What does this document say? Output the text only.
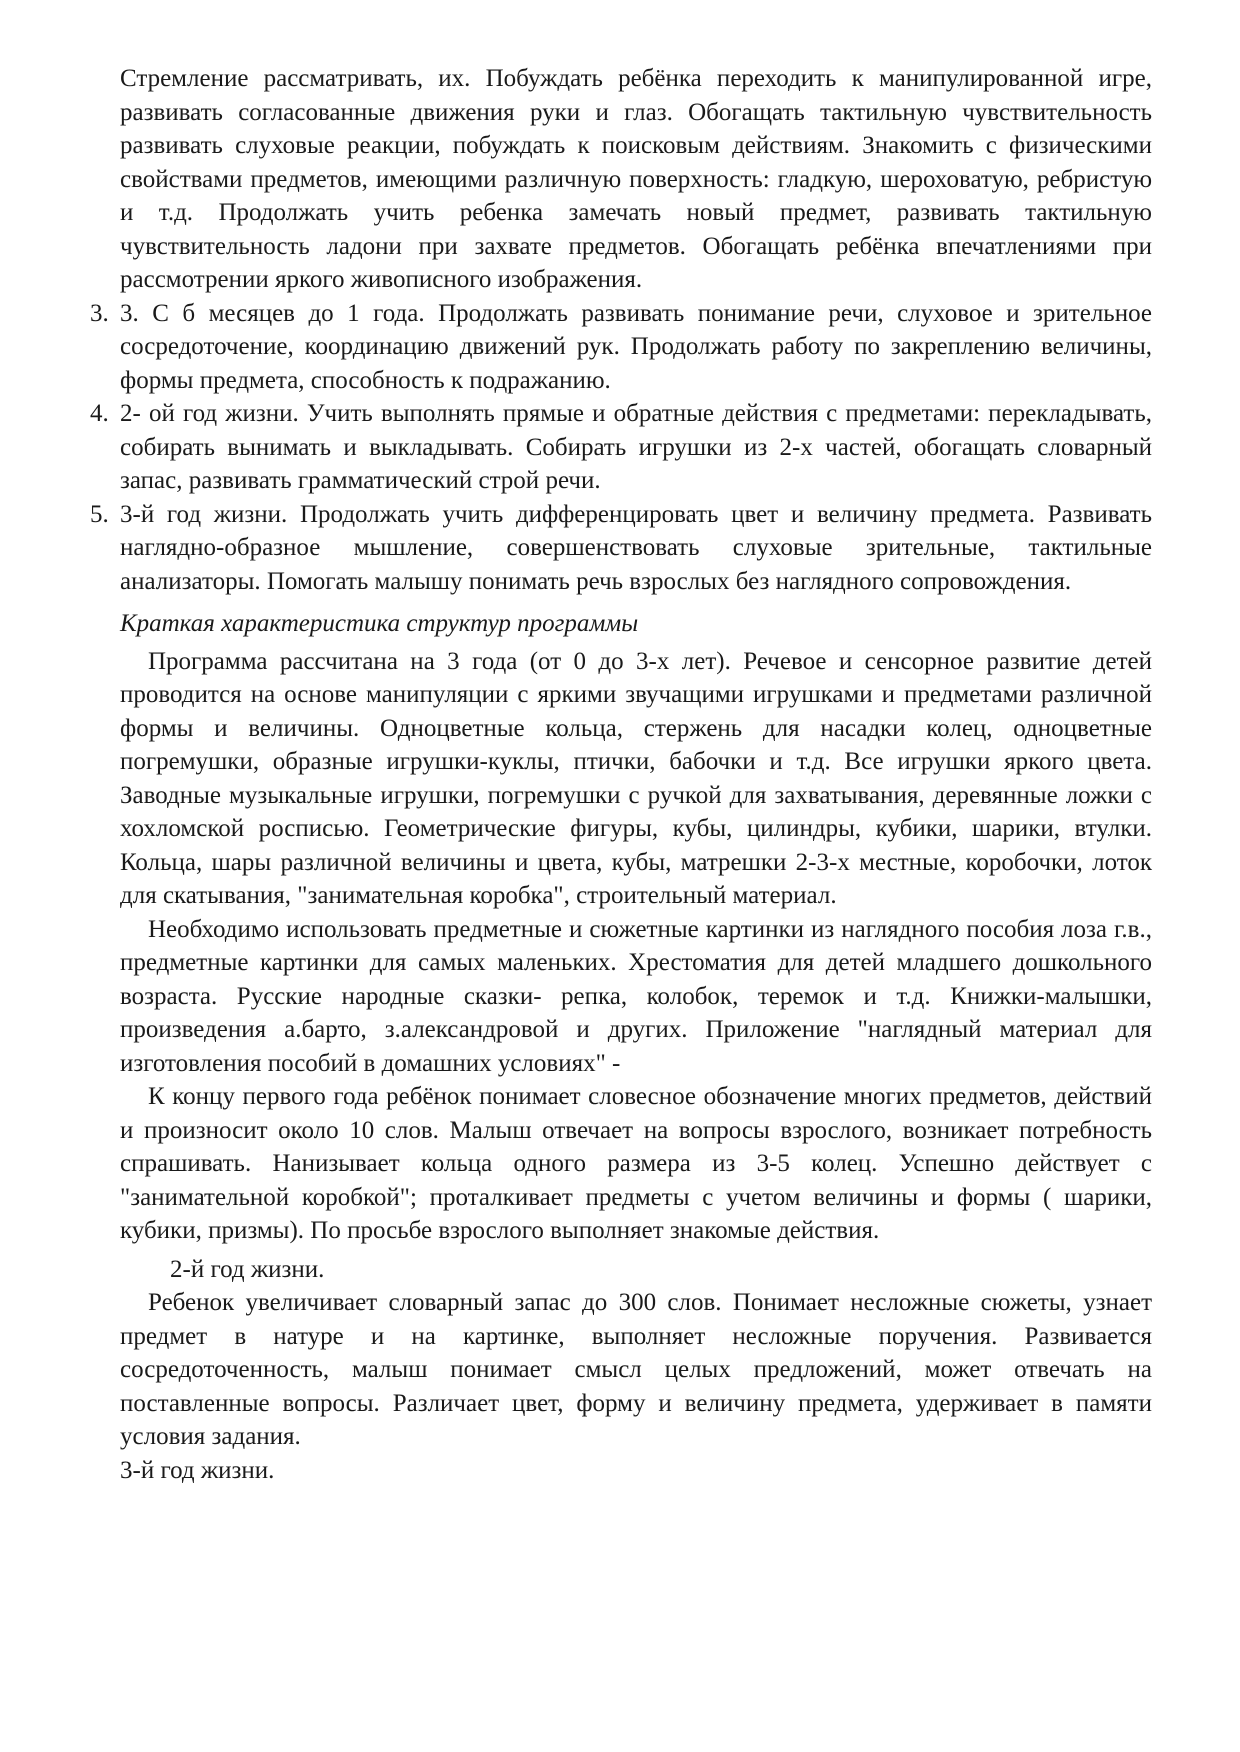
Стремление рассматривать, их. Побуждать ребёнка переходить к манипулированной игре, развивать согласованные движения руки и глаз. Обогащать тактильную чувствительность развивать слуховые реакции, побуждать к поисковым действиям. Знакомить с физическими свойствами предметов, имеющими различную поверхность: гладкую, шероховатую, ребристую и т.д. Продолжать учить ребенка замечать новый предмет, развивать тактильную чувствительность ладони при захвате предметов. Обогащать ребёнка впечатлениями при рассмотрении яркого живописного изображения.

3. 3. С б месяцев до 1 года. Продолжать развивать понимание речи, слуховое и зрительное сосредоточение, координацию движений рук. Продолжать работу по закреплению величины, формы предмета, способность к подражанию.
4. 2- ой год жизни. Учить выполнять прямые и обратные действия с предметами: перекладывать, собирать вынимать и выкладывать. Собирать игрушки из 2-х частей, обогащать словарный запас, развивать грамматический строй речи.
5. 3-й год жизни. Продолжать учить дифференцировать цвет и величину предмета. Развивать наглядно-образное мышление, совершенствовать слуховые зрительные, тактильные анализаторы. Помогать малышу понимать речь взрослых без наглядного сопровождения.

Краткая характеристика структур программы

Программа рассчитана на 3 года (от 0 до 3-х лет). Речевое и сенсорное развитие детей проводится на основе манипуляции с яркими звучащими игрушками и предметами различной формы и величины. Одноцветные кольца, стержень для насадки колец, одноцветные погремушки, образные игрушки-куклы, птички, бабочки и т.д. Все игрушки яркого цвета. Заводные музыкальные игрушки, погремушки с ручкой для захватывания, деревянные ложки с хохломской росписью. Геометрические фигуры, кубы, цилиндры, кубики, шарики, втулки. Кольца, шары различной величины и цвета, кубы, матрешки 2-3-х местные, коробочки, лоток для скатывания, "занимательная коробка", строительный материал.

Необходимо использовать предметные и сюжетные картинки из наглядного пособия лоза г.в., предметные картинки для самых маленьких. Хрестоматия для детей младшего дошкольного возраста. Русские народные сказки- репка, колобок, теремок и т.д. Книжки-малышки, произведения а.барто, з.александровой и других. Приложение "наглядный материал для изготовления пособий в домашних условиях" -

К концу первого года ребёнок понимает словесное обозначение многих предметов, действий и произносит около 10 слов. Малыш отвечает на вопросы взрослого, возникает потребность спрашивать. Нанизывает кольца одного размера из 3-5 колец. Успешно действует с "занимательной коробкой"; проталкивает предметы с учетом величины и формы ( шарики, кубики, призмы). По просьбе взрослого выполняет знакомые действия.

2-й год жизни.

Ребенок увеличивает словарный запас до 300 слов. Понимает несложные сюжеты, узнает предмет в натуре и на картинке, выполняет несложные поручения. Развивается сосредоточенность, малыш понимает смысл целых предложений, может отвечать на поставленные вопросы. Различает цвет, форму и величину предмета, удерживает в памяти условия задания.

3-й год жизни.
